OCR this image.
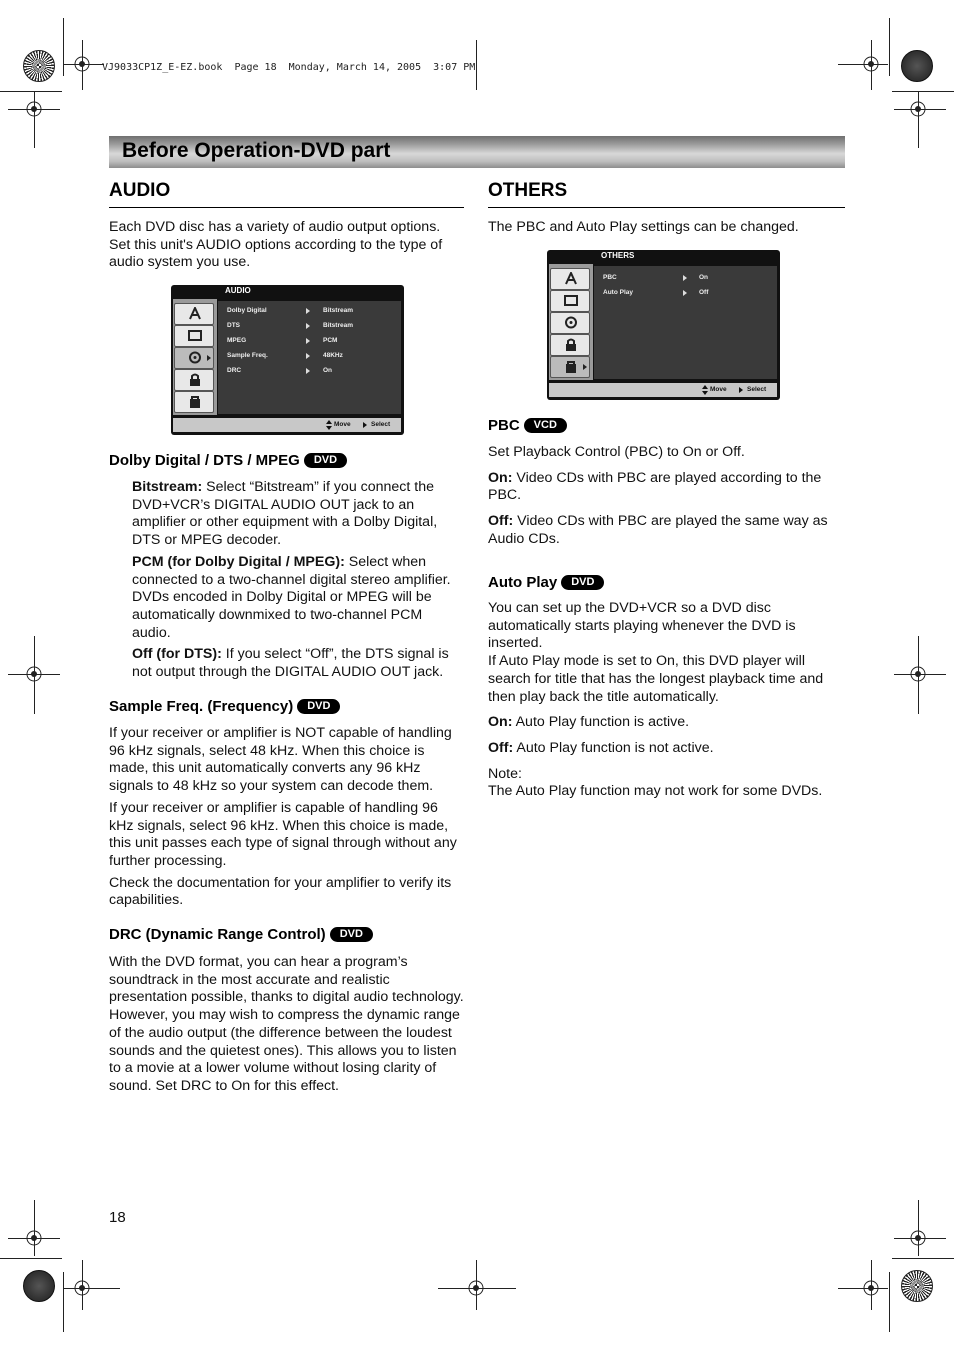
VJ9033CP1Z_E-EZ.book  Page 18  Monday, March 14, 2005  3:07 PM
Before Operation-DVD part
AUDIO
Each DVD disc has a variety of audio output options. Set this unit's AUDIO options according to the type of audio system you use.
AUDIO
Dolby Digital	Bitstream
DTS	Bitstream
MPEG	PCM
Sample Freq.	48KHz
DRC	On
Move	Select
Dolby Digital / DTS / MPEG DVD

Bitstream: Select “Bitstream” if you connect the DVD+VCR’s DIGITAL AUDIO OUT jack to an amplifier or other equipment with a Dolby Digital, DTS or MPEG decoder.

PCM (for Dolby Digital / MPEG): Select when connected to a two-channel digital stereo amplifier. DVDs encoded in Dolby Digital or MPEG will be automatically downmixed to two-channel PCM audio.

Off (for DTS): If you select “Off”, the DTS signal is not output through the DIGITAL AUDIO OUT jack.

Sample Freq. (Frequency) DVD

If your receiver or amplifier is NOT capable of handling 96 kHz signals, select 48 kHz. When this choice is made, this unit automatically converts any 96 kHz signals to 48 kHz so your system can decode them.

If your receiver or amplifier is capable of handling 96 kHz signals, select 96 kHz. When this choice is made, this unit passes each type of signal through without any further processing.

Check the documentation for your amplifier to verify its capabilities.

DRC (Dynamic Range Control) DVD

With the DVD format, you can hear a program’s soundtrack in the most accurate and realistic presentation possible, thanks to digital audio technology. However, you may wish to compress the dynamic range of the audio output (the difference between the loudest sounds and the quietest ones). This allows you to listen to a movie at a lower volume without losing clarity of sound. Set DRC to On for this effect.

OTHERS
The PBC and Auto Play settings can be changed.
OTHERS
PBC	On
Auto Play	Off
Move	Select
PBC VCD

Set Playback Control (PBC) to On or Off.

On: Video CDs with PBC are played according to the PBC.

Off: Video CDs with PBC are played the same way as Audio CDs.

Auto Play DVD

You can set up the DVD+VCR so a DVD disc automatically starts playing whenever the DVD is inserted.

If Auto Play mode is set to On, this DVD player will search for title that has the longest playback time and then play back the title automatically.

On: Auto Play function is active.

Off: Auto Play function is not active.

Note:

The Auto Play function may not work for some DVDs.

18
